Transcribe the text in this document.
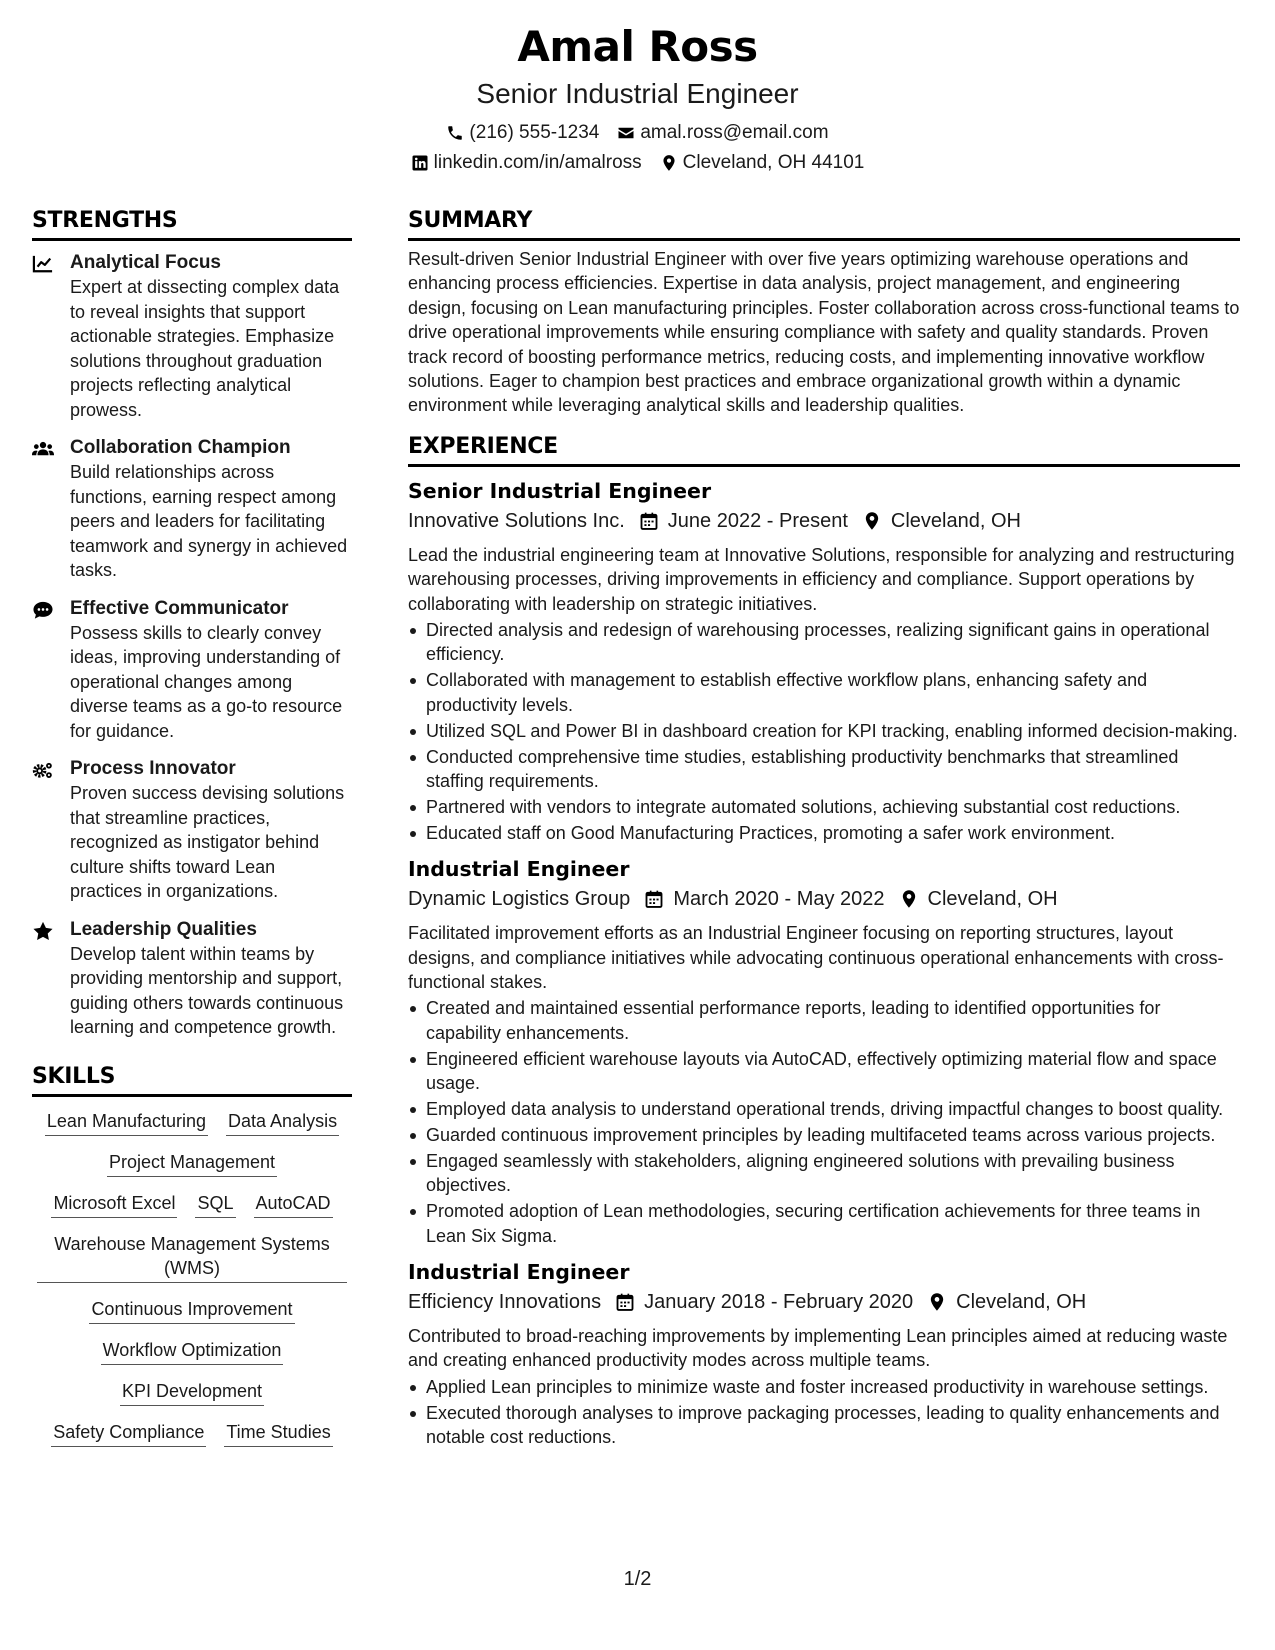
Amal Ross
Senior Industrial Engineer
(216) 555-1234 amal.ross@email.com
linkedin.com/in/amalross Cleveland, OH 44101
STRENGTHS
Analytical Focus
Expert at dissecting complex data to reveal insights that support actionable strategies. Emphasize solutions throughout graduation projects reflecting analytical prowess.
Collaboration Champion
Build relationships across functions, earning respect among peers and leaders for facilitating teamwork and synergy in achieved tasks.
Effective Communicator
Possess skills to clearly convey ideas, improving understanding of operational changes among diverse teams as a go-to resource for guidance.
Process Innovator
Proven success devising solutions that streamline practices, recognized as instigator behind culture shifts toward Lean practices in organizations.
Leadership Qualities
Develop talent within teams by providing mentorship and support, guiding others towards continuous learning and competence growth.
SKILLS
Lean Manufacturing Data Analysis
Project Management
Microsoft Excel SQL AutoCAD
Warehouse Management Systems (WMS)
Continuous Improvement
Workflow Optimization
KPI Development
Safety Compliance Time Studies
SUMMARY
Result-driven Senior Industrial Engineer with over five years optimizing warehouse operations and enhancing process efficiencies. Expertise in data analysis, project management, and engineering design, focusing on Lean manufacturing principles. Foster collaboration across cross-functional teams to drive operational improvements while ensuring compliance with safety and quality standards. Proven track record of boosting performance metrics, reducing costs, and implementing innovative workflow solutions. Eager to champion best practices and embrace organizational growth within a dynamic environment while leveraging analytical skills and leadership qualities.
EXPERIENCE
Senior Industrial Engineer
Innovative Solutions Inc. June 2022 - Present Cleveland, OH
Lead the industrial engineering team at Innovative Solutions, responsible for analyzing and restructuring warehousing processes, driving improvements in efficiency and compliance. Support operations by collaborating with leadership on strategic initiatives.
Directed analysis and redesign of warehousing processes, realizing significant gains in operational efficiency.
Collaborated with management to establish effective workflow plans, enhancing safety and productivity levels.
Utilized SQL and Power BI in dashboard creation for KPI tracking, enabling informed decision-making.
Conducted comprehensive time studies, establishing productivity benchmarks that streamlined staffing requirements.
Partnered with vendors to integrate automated solutions, achieving substantial cost reductions.
Educated staff on Good Manufacturing Practices, promoting a safer work environment.
Industrial Engineer
Dynamic Logistics Group March 2020 - May 2022 Cleveland, OH
Facilitated improvement efforts as an Industrial Engineer focusing on reporting structures, layout designs, and compliance initiatives while advocating continuous operational enhancements with cross-functional stakes.
Created and maintained essential performance reports, leading to identified opportunities for capability enhancements.
Engineered efficient warehouse layouts via AutoCAD, effectively optimizing material flow and space usage.
Employed data analysis to understand operational trends, driving impactful changes to boost quality.
Guarded continuous improvement principles by leading multifaceted teams across various projects.
Engaged seamlessly with stakeholders, aligning engineered solutions with prevailing business objectives.
Promoted adoption of Lean methodologies, securing certification achievements for three teams in Lean Six Sigma.
Industrial Engineer
Efficiency Innovations January 2018 - February 2020 Cleveland, OH
Contributed to broad-reaching improvements by implementing Lean principles aimed at reducing waste and creating enhanced productivity modes across multiple teams.
Applied Lean principles to minimize waste and foster increased productivity in warehouse settings.
Executed thorough analyses to improve packaging processes, leading to quality enhancements and notable cost reductions.
1/2
